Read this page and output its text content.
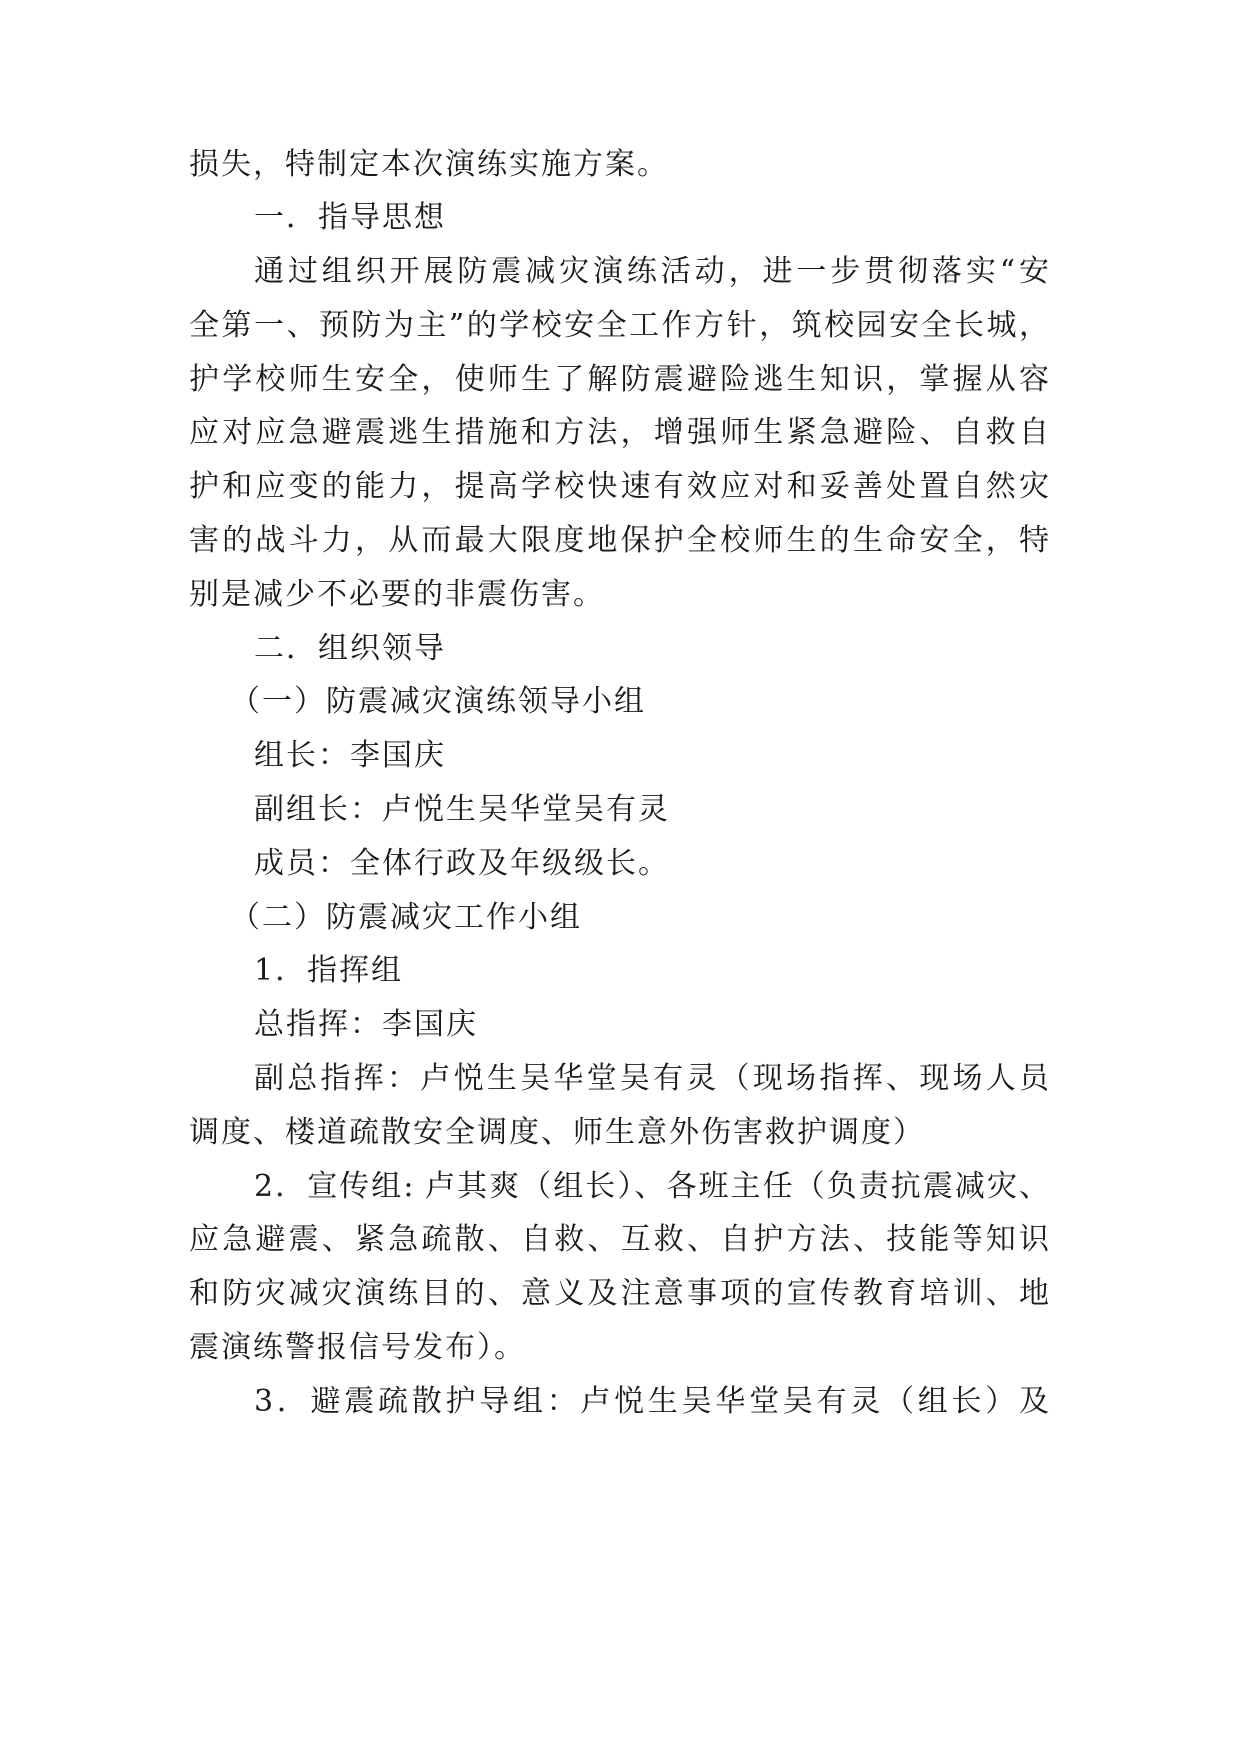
损失，特制定本次演练实施方案。
一．指导思想
通过组织开展防震减灾演练活动，进一步贯彻落实“安
全第一、预防为主”的学校安全工作方针，筑校园安全长城，
护学校师生安全，使师生了解防震避险逃生知识，掌握从容
应对应急避震逃生措施和方法，增强师生紧急避险、自救自
护和应变的能力，提高学校快速有效应对和妥善处置自然灾
害的战斗力，从而最大限度地保护全校师生的生命安全，特
别是减少不必要的非震伤害。
二．组织领导
（一）防震减灾演练领导小组
组长：李国庆
副组长：卢悦生吴华堂吴有灵
成员：全体行政及年级级长。
（二）防震减灾工作小组
1．指挥组
总指挥：李国庆
副总指挥：卢悦生吴华堂吴有灵（现场指挥、现场人员
调度、楼道疏散安全调度、师生意外伤害救护调度）
2．宣传组: 卢其爽（组长）、各班主任（负责抗震减灾、
应急避震、紧急疏散、自救、互救、自护方法、技能等知识
和防灾减灾演练目的、意义及注意事项的宣传教育培训、地
震演练警报信号发布）。
3．避震疏散护导组：卢悦生吴华堂吴有灵（组长）及
